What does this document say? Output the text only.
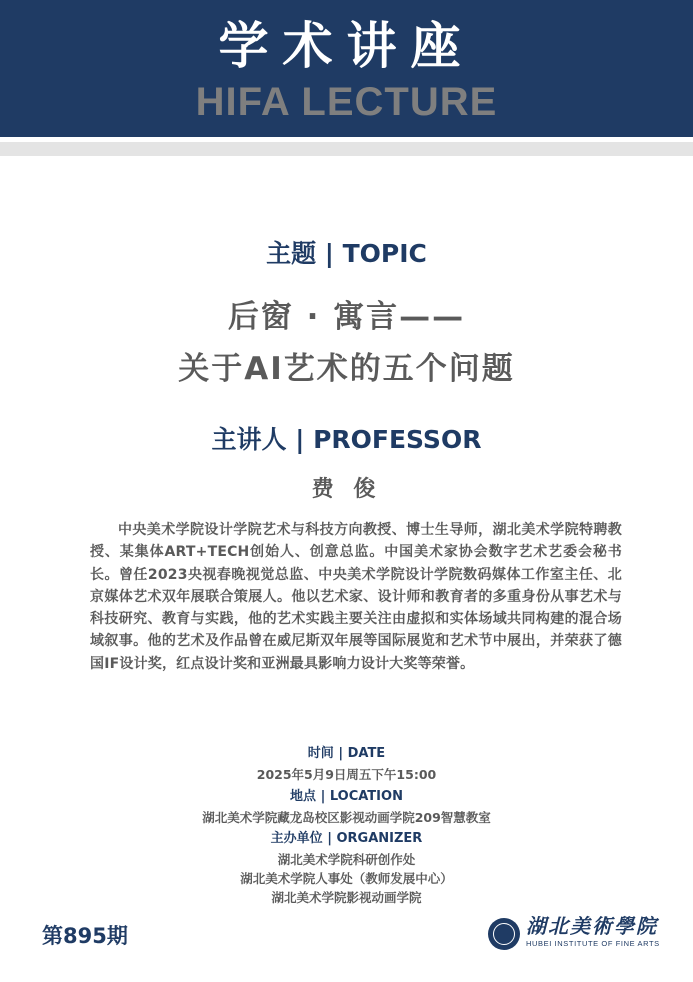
学术讲座
HIFA LECTURE
主题 | TOPIC
后窗 · 寓言——
关于AI艺术的五个问题
主讲人 | PROFESSOR
费 俊

中央美术学院设计学院艺术与科技方向教授、博士生导师，湖北美术学院特聘教授、某集体ART+TECH创始人、创意总监。中国美术家协会数字艺术艺委会秘书长。曾任2023央视春晚视觉总监、中央美术学院设计学院数码媒体工作室主任、北京媒体艺术双年展联合策展人。他以艺术家、设计师和教育者的多重身份从事艺术与科技研究、教育与实践，他的艺术实践主要关注由虚拟和实体场域共同构建的混合场域叙事。他的艺术及作品曾在威尼斯双年展等国际展览和艺术节中展出，并荣获了德国IF设计奖，红点设计奖和亚洲最具影响力设计大奖等荣誉。

时间 | DATE
2025年5月9日周五下午15:00
地点 | LOCATION
湖北美术学院藏龙岛校区影视动画学院209智慧教室
主办单位 | ORGANIZER
湖北美术学院科研创作处
湖北美术学院人事处（教师发展中心）
湖北美术学院影视动画学院
第895期	湖北美術學院
HUBEI INSTITUTE OF FINE ARTS
